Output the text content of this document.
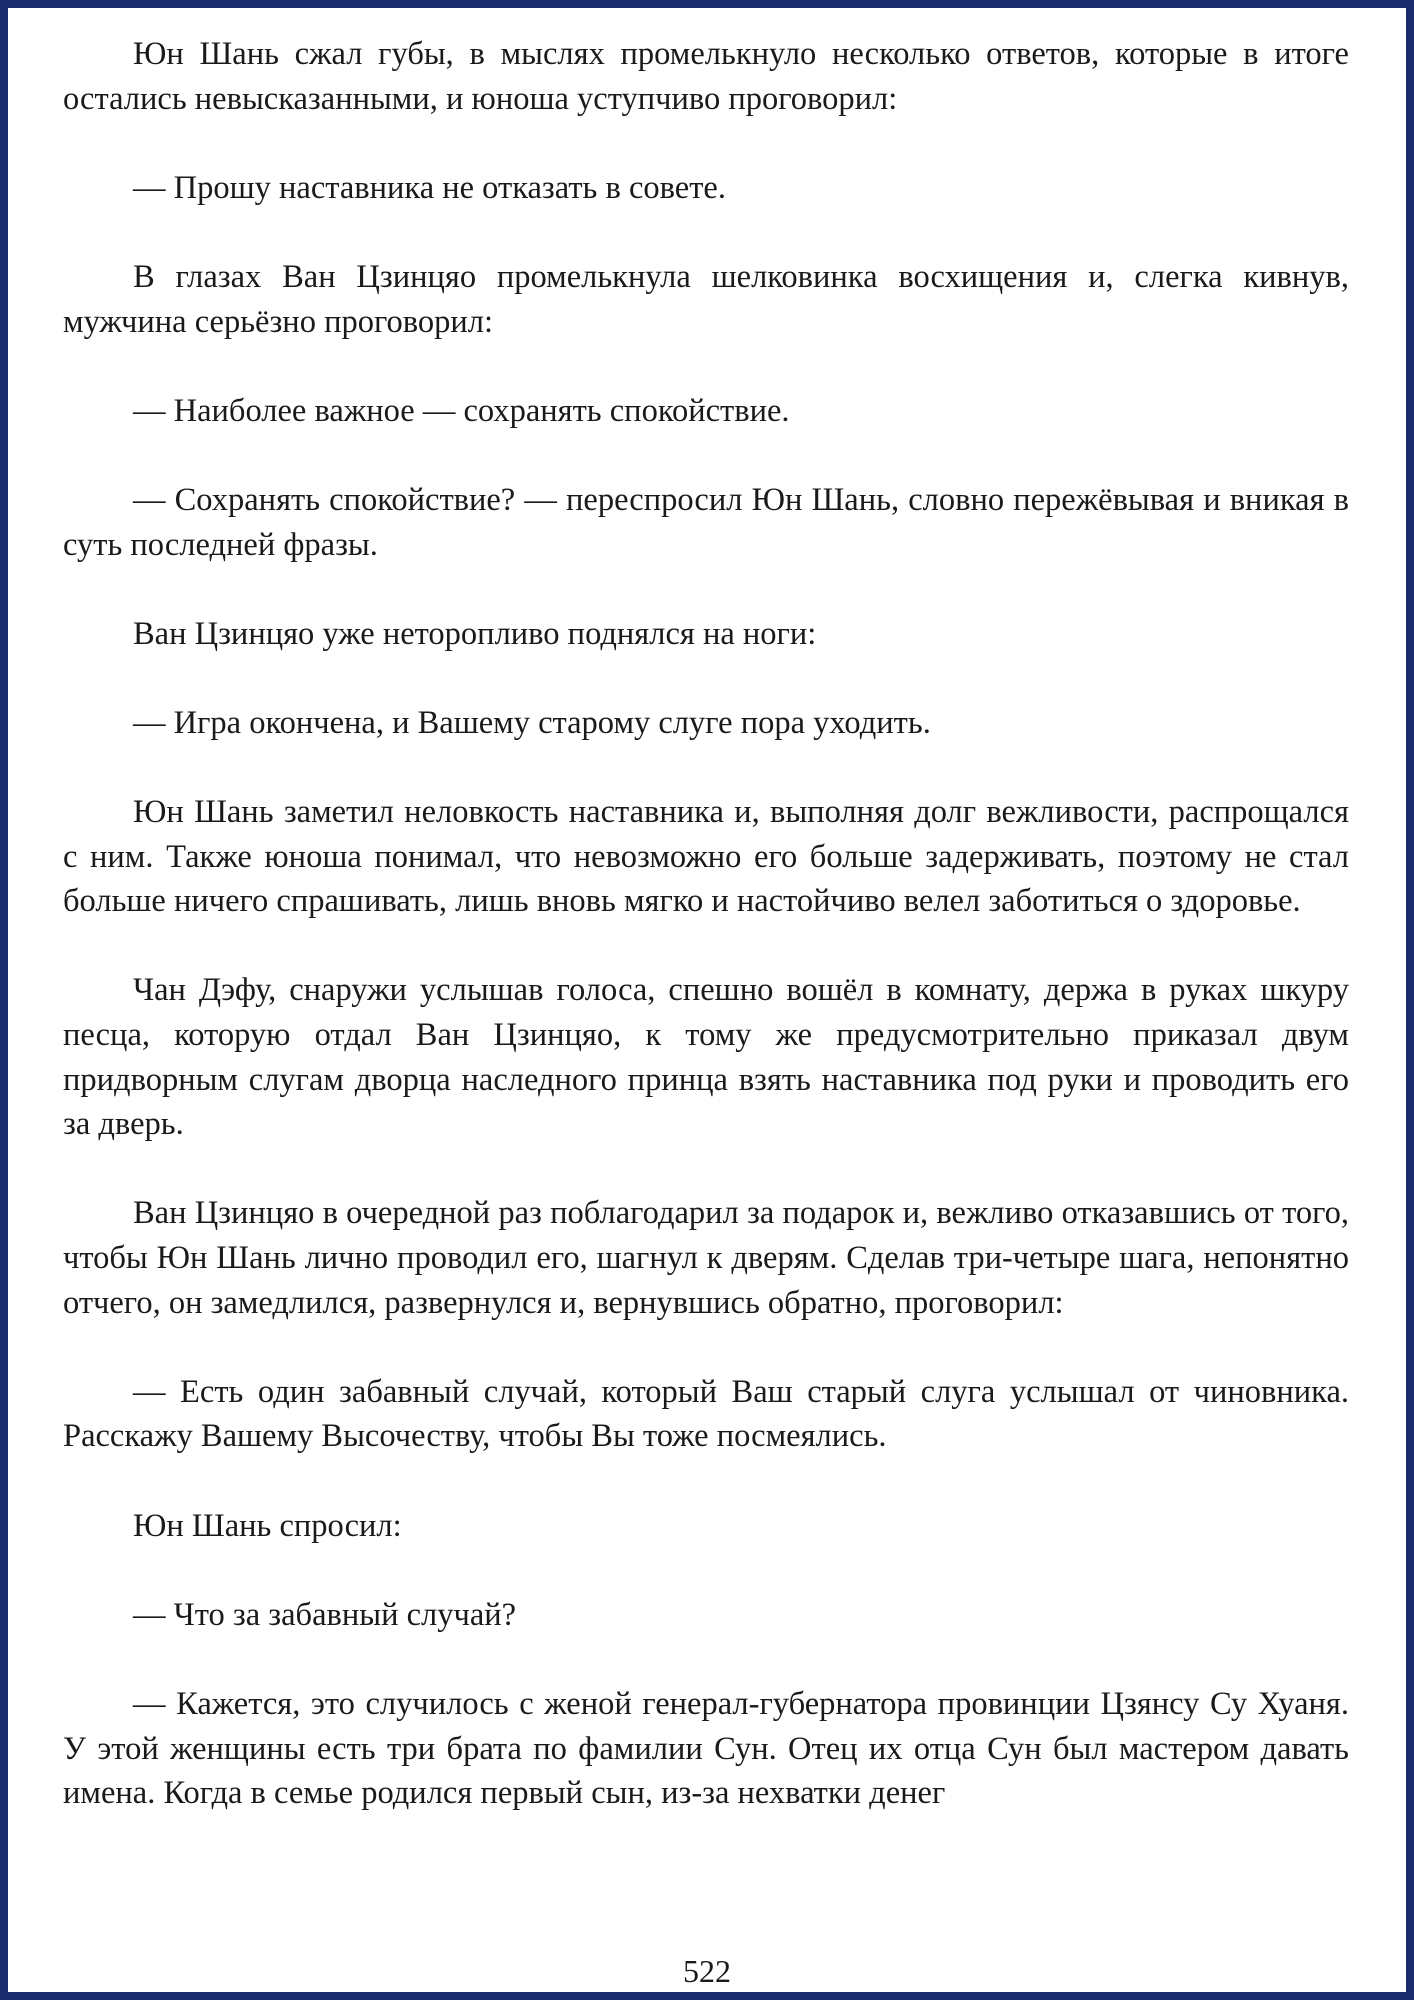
Юн Шань сжал губы, в мыслях промелькнуло несколько ответов, которые в итоге остались невысказанными, и юноша уступчиво проговорил:

— Прошу наставника не отказать в совете.

В глазах Ван Цзинцяо промелькнула шелковинка восхищения и, слегка кивнув, мужчина серьёзно проговорил:

— Наиболее важное — сохранять спокойствие.

— Сохранять спокойствие? — переспросил Юн Шань, словно пережёвывая и вникая в суть последней фразы.

Ван Цзинцяо уже неторопливо поднялся на ноги:

— Игра окончена, и Вашему старому слуге пора уходить.

Юн Шань заметил неловкость наставника и, выполняя долг вежливости, распрощался с ним. Также юноша понимал, что невозможно его больше задерживать, поэтому не стал больше ничего спрашивать, лишь вновь мягко и настойчиво велел заботиться о здоровье.

Чан Дэфу, снаружи услышав голоса, спешно вошёл в комнату, держа в руках шкуру песца, которую отдал Ван Цзинцяо, к тому же предусмотрительно приказал двум придворным слугам дворца наследного принца взять наставника под руки и проводить его за дверь.

Ван Цзинцяо в очередной раз поблагодарил за подарок и, вежливо отказавшись от того, чтобы Юн Шань лично проводил его, шагнул к дверям. Сделав три-четыре шага, непонятно отчего, он замедлился, развернулся и, вернувшись обратно, проговорил:

— Есть один забавный случай, который Ваш старый слуга услышал от чиновника. Расскажу Вашему Высочеству, чтобы Вы тоже посмеялись.

Юн Шань спросил:

— Что за забавный случай?

— Кажется, это случилось с женой генерал-губернатора провинции Цзянсу Су Хуаня. У этой женщины есть три брата по фамилии Сун. Отец их отца Сун был мастером давать имена. Когда в семье родился первый сын, из-за нехватки денег

522
